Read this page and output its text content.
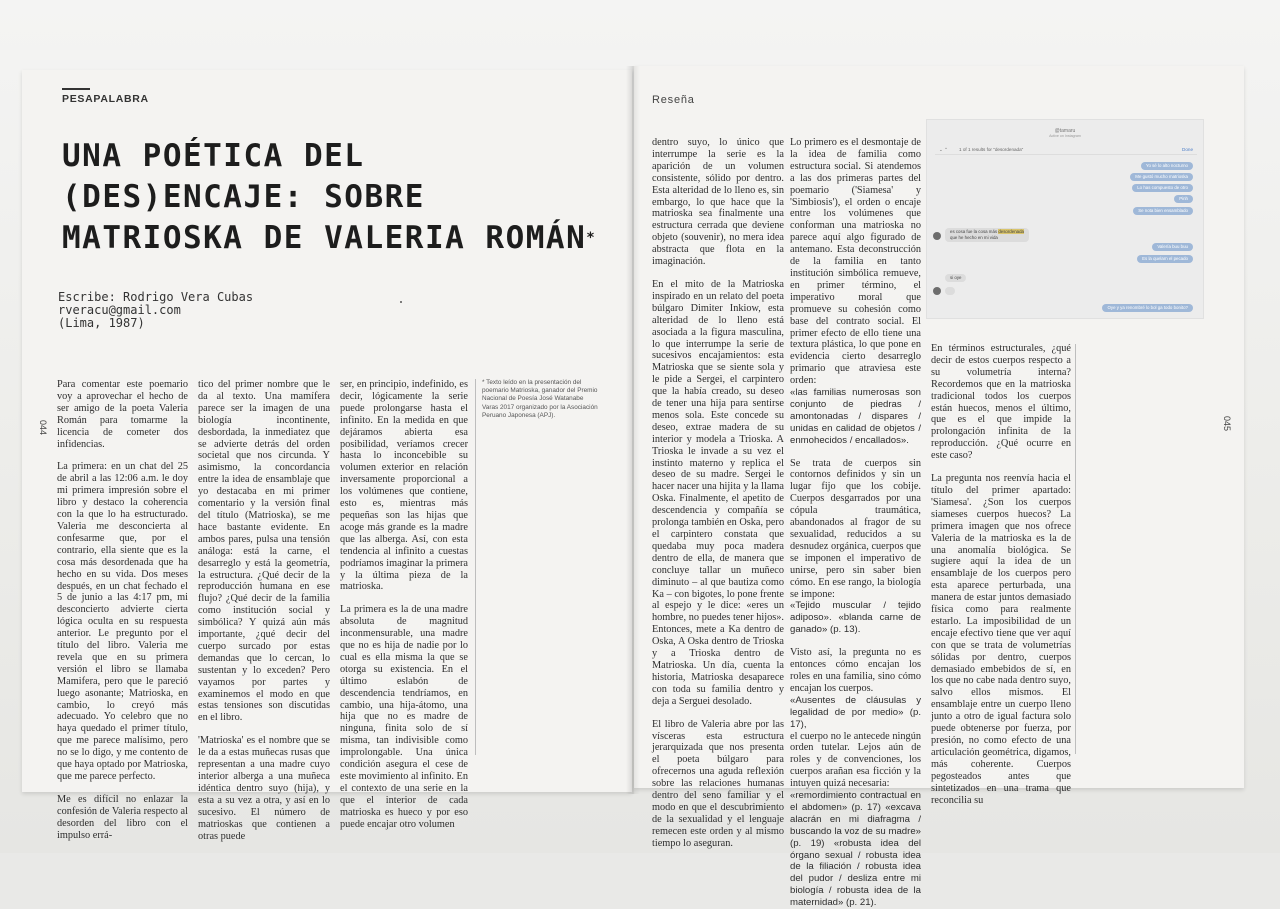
PESAPALABRA
UNA POÉTICA DEL (DES)ENCAJE: SOBRE MATRIOSKA DE VALERIA ROMÁN*
Escribe: Rodrigo Vera Cubas
rveracu@gmail.com
(Lima, 1987)
044

Para comentar este poemario voy a aprovechar el hecho de ser amigo de la poeta Valeria Román para tomarme la licencia de cometer dos infidencias.

La primera: en un chat del 25 de abril a las 12:06 a.m. le doy mi primera impresión sobre el libro y destaco la coherencia con la que lo ha estructurado. Valeria me desconcierta al confesarme que, por el contrario, ella siente que es la cosa más desordenada que ha hecho en su vida. Dos meses después, en un chat fechado el 5 de junio a las 4:17 pm, mi desconcierto advierte cierta lógica oculta en su respuesta anterior. Le pregunto por el título del libro. Valeria me revela que en su primera versión el libro se llamaba Mamifera, pero que le pareció luego asonante; Matrioska, en cambio, lo creyó más adecuado. Yo celebro que no haya quedado el primer título, que me parece malísimo, pero no se lo digo, y me contento de que haya optado por Matrioska, que me parece perfecto.

Me es difícil no enlazar la confesión de Valeria respecto al desorden del libro con el impulso errá-

tico del primer nombre que le da al texto. Una mamífera parece ser la imagen de una biología incontinente, desbordada, la inmediatez que se advierte detrás del orden societal que nos circunda. Y asimismo, la concordancia entre la idea de ensamblaje que yo destacaba en mi primer comentario y la versión final del título (Matrioska), se me hace bastante evidente. En ambos pares, pulsa una tensión análoga: está la carne, el desarreglo y está la geometría, la estructura. ¿Qué decir de la reproducción humana en ese flujo? ¿Qué decir de la familia como institución social y simbólica? Y quizá aún más importante, ¿qué decir del cuerpo surcado por estas demandas que lo cercan, lo sustentan y lo exceden? Pero vayamos por partes y examinemos el modo en que estas tensiones son discutidas en el libro.

'Matrioska' es el nombre que se le da a estas muñecas rusas que representan a una madre cuyo interior alberga a una muñeca idéntica dentro suyo (hija), y esta a su vez a otra, y así en lo sucesivo. El número de matrioskas que contienen a otras puede

ser, en principio, indefinido, es decir, lógicamente la serie puede prolongarse hasta el infinito. En la medida en que dejáramos abierta esa posibilidad, veríamos crecer hasta lo inconcebible su volumen exterior en relación inversamente proporcional a los volúmenes que contiene, esto es, mientras más pequeñas son las hijas que acoge más grande es la madre que las alberga. Así, con esta tendencia al infinito a cuestas podríamos imaginar la primera y la última pieza de la matrioska.

La primera es la de una madre absoluta de magnitud inconmensurable, una madre que no es hija de nadie por lo cual es ella misma la que se otorga su existencia. En el último eslabón de descendencia tendríamos, en cambio, una hija-átomo, una hija que no es madre de ninguna, finita solo de sí misma, tan indivisible como improlongable. Una única condición asegura el cese de este movimiento al infinito. En el contexto de una serie en la que el interior de cada matrioska es hueco y por eso puede encajar otro volumen

* Texto leído en la presentación del poemario Matrioska, ganador del Premio Nacional de Poesía José Watanabe Varas 2017 organizado por la Asociación Peruano Japonesa (APJ).
Reseña
045

dentro suyo, lo único que interrumpe la serie es la aparición de un volumen consistente, sólido por dentro. Esta alteridad de lo lleno es, sin embargo, lo que hace que la matrioska sea finalmente una estructura cerrada que deviene objeto (souvenir), no mera idea abstracta que flota en la imaginación.

En el mito de la Matrioska inspirado en un relato del poeta búlgaro Dimiter Inkiow, esta alteridad de lo lleno está asociada a la figura masculina, lo que interrumpe la serie de sucesivos encajamientos: esta Matrioska que se siente sola y le pide a Sergei, el carpintero que la había creado, su deseo de tener una hija para sentirse menos sola. Este concede su deseo, extrae madera de su interior y modela a Trioska. A Trioska le invade a su vez el instinto materno y replica el deseo de su madre. Sergei le hacer nacer una hijita y la llama Oska. Finalmente, el apetito de descendencia y compañía se prolonga también en Oska, pero el carpintero constata que quedaba muy poca madera dentro de ella, de manera que concluye tallar un muñeco diminuto – al que bautiza como Ka – con bigotes, lo pone frente al espejo y le dice: «eres un hombre, no puedes tener hijos». Entonces, mete a Ka dentro de Oska, A Oska dentro de Trioska y a Trioska dentro de Matrioska. Un día, cuenta la historia, Matrioska desaparece con toda su familia dentro y deja a Serguei desolado.

El libro de Valeria abre por las vísceras esta estructura jerarquizada que nos presenta el poeta búlgaro para ofrecernos una aguda reflexión sobre las relaciones humanas dentro del seno familiar y el modo en que el descubrimiento de la sexualidad y el lenguaje remecen este orden y al mismo tiempo lo aseguran.

Lo primero es el desmontaje de la idea de familia como estructura social. Si atendemos a las dos primeras partes del poemario ('Siamesa' y 'Simbiosis'), el orden o encaje entre los volúmenes que conforman una matrioska no parece aquí algo figurado de antemano. Esta deconstrucción de la familia en tanto institución simbólica remueve, en primer término, el imperativo moral que promueve su cohesión como base del contrato social. El primer efecto de ello tiene una textura plástica, lo que pone en evidencia cierto desarreglo primario que atraviesa este orden:

«las familias numerosas son conjunto de piedras / amontonadas / dispares / unidas en calidad de objetos / enmohecidos / encallados».

Se trata de cuerpos sin contornos definidos y sin un lugar fijo que los cobije. Cuerpos desgarrados por una cópula traumática, abandonados al fragor de su sexualidad, reducidos a su desnudez orgánica, cuerpos que se imponen el imperativo de unirse, pero sin saber bien cómo. En ese rango, la biología se impone:

«Tejido muscular / tejido adiposo». «blanda carne de ganado» (p. 13).

Visto así, la pregunta no es entonces cómo encajan los roles en una familia, sino cómo encajan los cuerpos.

«Ausentes de cláusulas y legalidad de por medio» (p. 17),

el cuerpo no le antecede ningún orden tutelar. Lejos aún de roles y de convenciones, los cuerpos arañan esa ficción y la intuyen quizá necesaria:

«remordimiento contractual en el abdomen» (p. 17) «excava alacrán en mi diafragma / buscando la voz de su madre» (p. 19) «robusta idea del órgano sexual / robusta idea de la filiación / robusta idea del pudor / desliza entre mi biología / robusta idea de la maternidad» (p. 21).

En términos estructurales, ¿qué decir de estos cuerpos respecto a su volumetría interna? Recordemos que en la matrioska tradicional todos los cuerpos están huecos, menos el último, que es el que impide la prolongación infinita de la reproducción. ¿Qué ocurre en este caso?

La pregunta nos reenvía hacia el título del primer apartado: 'Siamesa'. ¿Son los cuerpos siameses cuerpos huecos? La primera imagen que nos ofrece Valeria de la matrioska es la de una anomalía biológica. Se sugiere aquí la idea de un ensamblaje de los cuerpos pero esta aparece perturbada, una manera de estar juntos demasiado física como para realmente estarlo. La imposibilidad de un encaje efectivo tiene que ver aquí con que se trata de volumetrías sólidas por dentro, cuerpos demasiado embebidos de sí, en los que no cabe nada dentro suyo, salvo ellos mismos. El ensamblaje entre un cuerpo lleno junto a otro de igual factura solo puede obtenerse por fuerza, por presión, no como efecto de una articulación geométrica, digamos, más coherente. Cuerpos pegosteados antes que sintetizados en una trama que reconcilia su

@tamaru
Active on Instagram
⌄ ⌃ 1 of 1 results for "desordenada"	Done
Yo sé lo alto nocturno
Me gustó mucho matrioska
Lo has compuesto de otro
Pinh
Se nota bien ensamblado
es cosa fue la cosa más desordenada
que he hecho en mi vida
Valería buu buu
Es la quelarn el pecado
si oye
Oye y ya renombré lo bol ga todo bonito?
